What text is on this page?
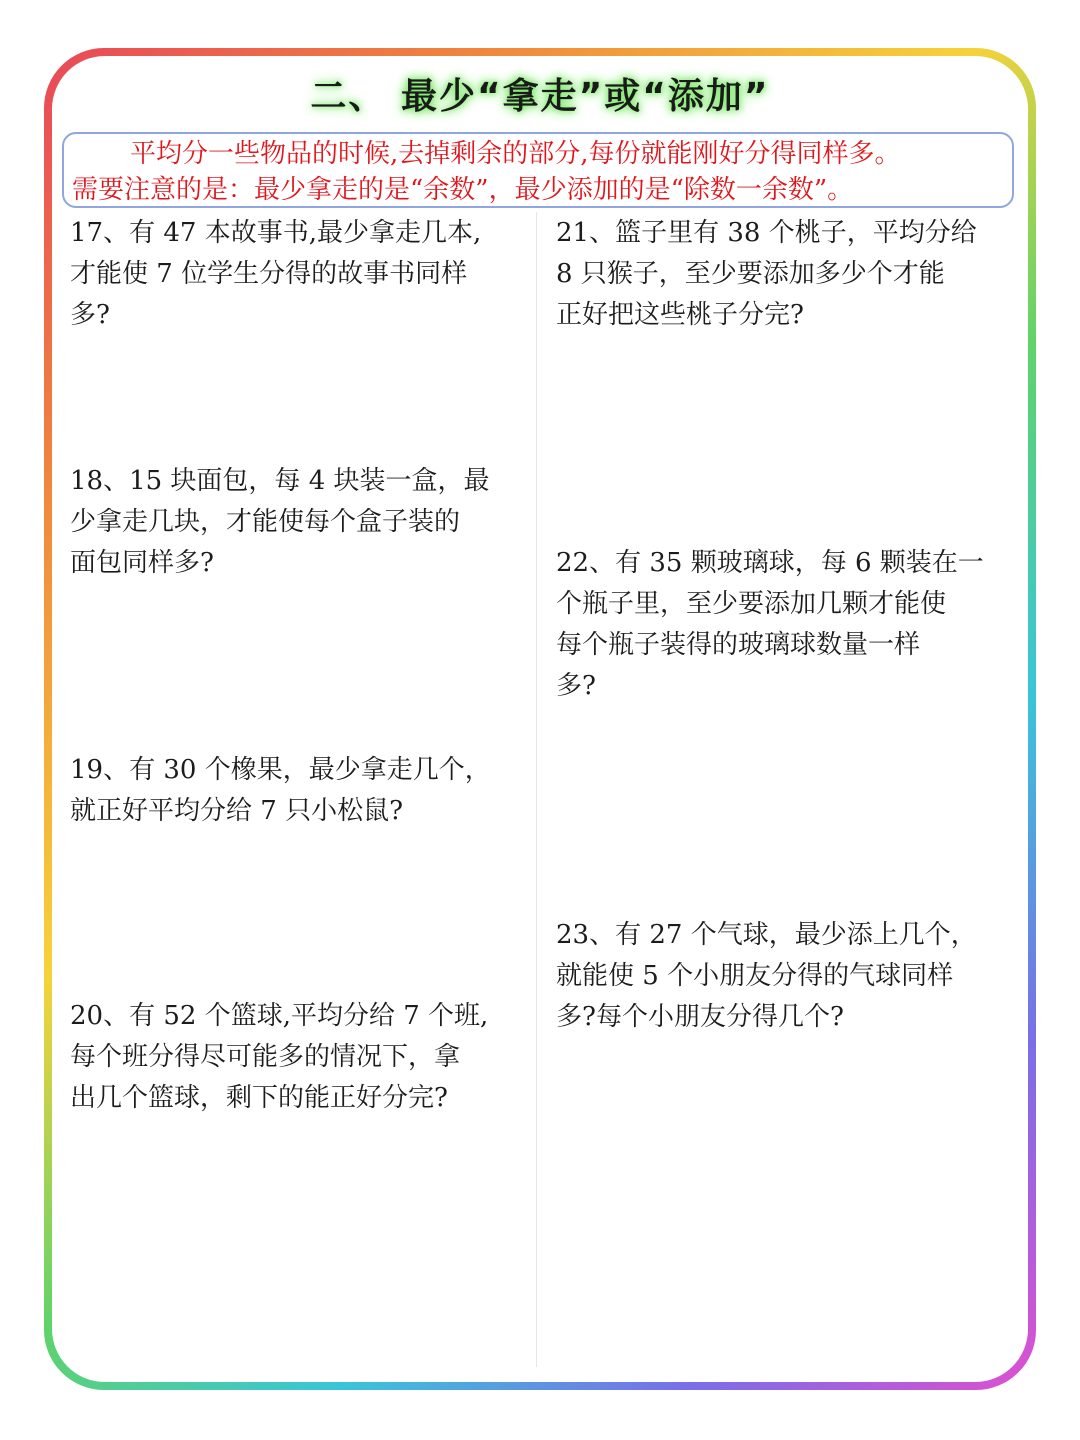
二、 最少“拿走”或“添加”
平均分一些物品的时候,去掉剩余的部分,每份就能刚好分得同样多。
需要注意的是：最少拿走的是“余数”，最少添加的是“除数一余数”。
17、有 47 本故事书,最少拿走几本,
才能使 7 位学生分得的故事书同样
多?
18、15 块面包，每 4 块装一盒，最
少拿走几块，才能使每个盒子装的
面包同样多?
19、有 30 个橡果，最少拿走几个，
就正好平均分给 7 只小松鼠?
20、有 52 个篮球,平均分给 7 个班,
每个班分得尽可能多的情况下，拿
出几个篮球，剩下的能正好分完?
21、篮子里有 38 个桃子，平均分给
8 只猴子，至少要添加多少个才能
正好把这些桃子分完?
22、有 35 颗玻璃球，每 6 颗装在一
个瓶子里，至少要添加几颗才能使
每个瓶子装得的玻璃球数量一样
多?
23、有 27 个气球，最少添上几个，
就能使 5 个小朋友分得的气球同样
多?每个小朋友分得几个?
